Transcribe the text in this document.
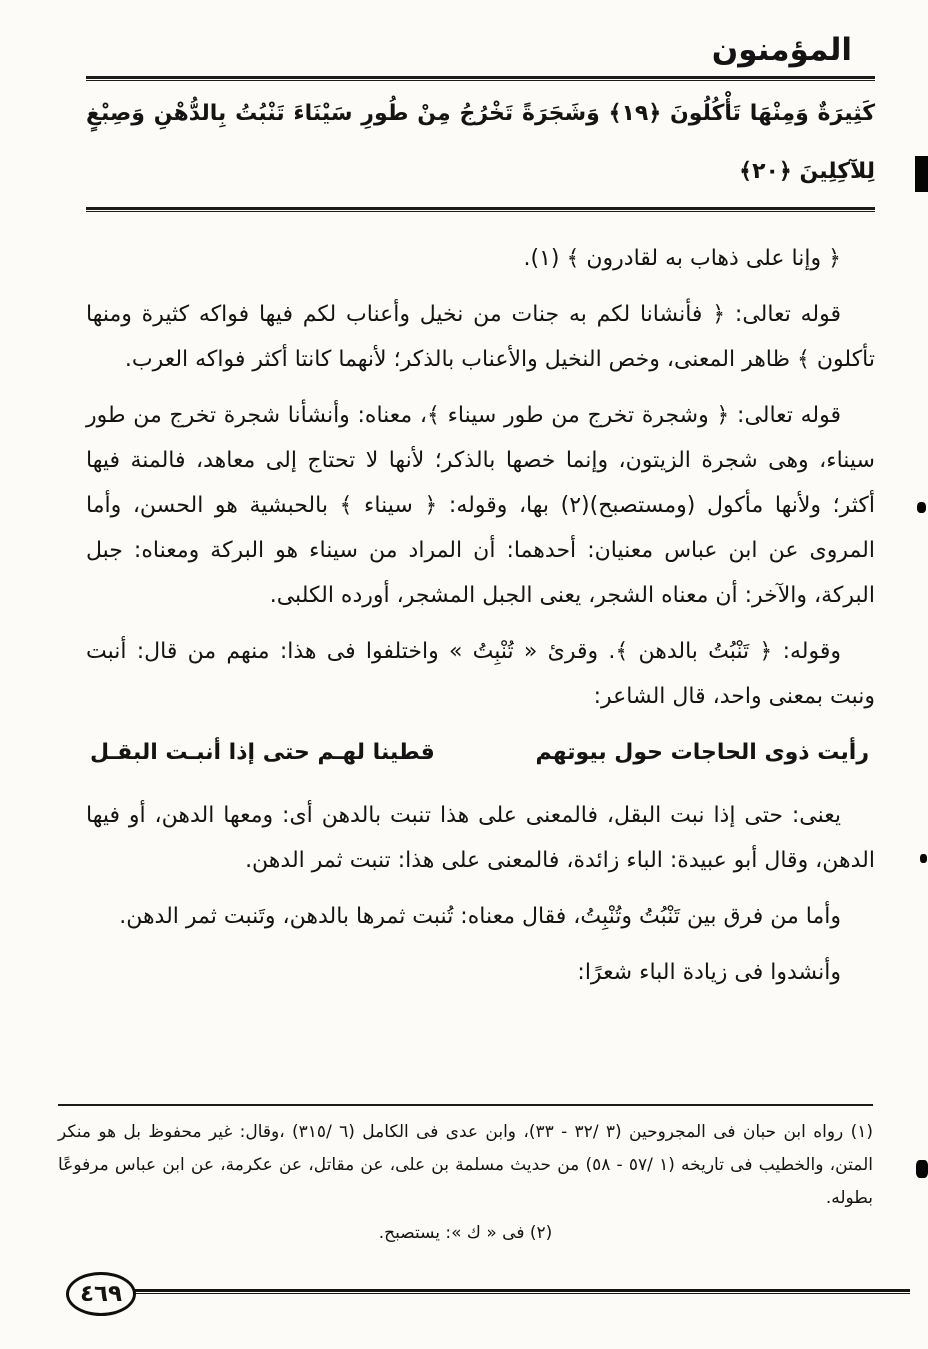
المؤمنون

كَثِيرَةٌ وَمِنْهَا تَأْكُلُونَ ﴿١٩﴾ وَشَجَرَةً تَخْرُجُ مِنْ طُورِ سَيْنَاءَ تَنْبُتُ بِالدُّهْنِ وَصِبْغٍ

لِلآكِلِينَ ﴿٢٠﴾

﴿ وإنا على ذهاب به لقادرون ﴾ (١).

قوله تعالى: ﴿ فأنشانا لكم به جنات من نخيل وأعناب لكم فيها فواكه كثيرة ومنها تأكلون ﴾ ظاهر المعنى، وخص النخيل والأعناب بالذكر؛ لأنهما كانتا أكثر فواكه العرب.

قوله تعالى: ﴿ وشجرة تخرج من طور سيناء ﴾، معناه: وأنشأنا شجرة تخرج من طور سيناء، وهى شجرة الزيتون، وإنما خصها بالذكر؛ لأنها لا تحتاج إلى معاهد، فالمنة فيها أكثر؛ ولأنها مأكول (ومستصبح)(٢) بها، وقوله: ﴿ سيناء ﴾ بالحبشية هو الحسن، وأما المروى عن ابن عباس معنيان: أحدهما: أن المراد من سيناء هو البركة ومعناه: جبل البركة، والآخر: أن معناه الشجر، يعنى الجبل المشجر، أورده الكلبى.

وقوله: ﴿ تَنْبُتُ بالدهن ﴾. وقرئ « تُنْبِتُ » واختلفوا فى هذا: منهم من قال: أنبت ونبت بمعنى واحد، قال الشاعر:

رأيت ذوى الحاجات حول بيوتهم
قطينا لهـم حتى إذا أنبـت البقـل

يعنى: حتى إذا نبت البقل، فالمعنى على هذا تنبت بالدهن أى: ومعها الدهن، أو فيها الدهن، وقال أبو عبيدة: الباء زائدة، فالمعنى على هذا: تنبت ثمر الدهن.

وأما من فرق بين تَنْبُتُ وتُنْبِتُ، فقال معناه: تُنبت ثمرها بالدهن، وتَنبت ثمر الدهن.

وأنشدوا فى زيادة الباء شعرًا:

(١) رواه ابن حبان فى المجروحين (٣ /٣٢ - ٣٣)، وابن عدى فى الكامل (٦ /٣١٥) ،وقال: غير محفوظ بل هو منكر المتن، والخطيب فى تاريخه (١ /٥٧ - ٥٨) من حديث مسلمة بن على، عن مقاتل، عن عكرمة، عن ابن عباس مرفوعًا بطوله.

(٢) فى « ك »: يستصبح.

٤٦٩
